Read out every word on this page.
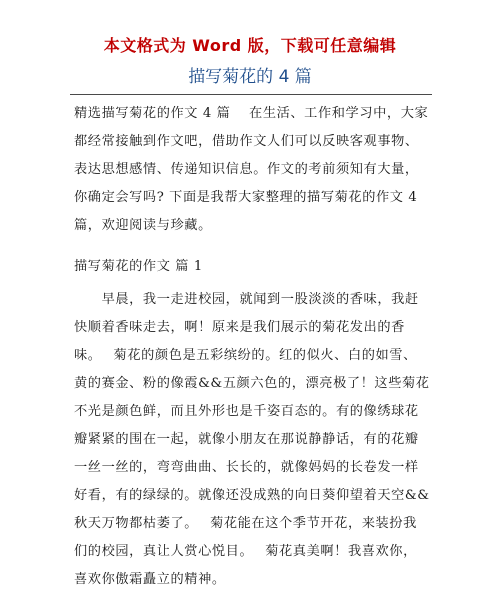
本文格式为 Word 版，下载可任意编辑
描写菊花的 4 篇
精选描写菊花的作文 4 篇　 在生活、工作和学习中，大家
都经常接触到作文吧，借助作文人们可以反映客观事物、
表达思想感情、传递知识信息。作文的考前须知有大量，
你确定会写吗? 下面是我帮大家整理的描写菊花的作文 4
篇，欢迎阅读与珍藏。
描写菊花的作文 篇 1
　　早晨，我一走进校园，就闻到一股淡淡的香味，我赶
快顺着香味走去，啊！原来是我们展示的菊花发出的香
味。　 菊花的颜色是五彩缤纷的。红的似火、白的如雪、
黄的赛金、粉的像霞&&五颜六色的，漂亮极了！这些菊花
不光是颜色鲜，而且外形也是千姿百态的。有的像绣球花
瓣紧紧的围在一起，就像小朋友在那说静静话，有的花瓣
一丝一丝的，弯弯曲曲、长长的，就像妈妈的长卷发一样
好看，有的绿绿的。就像还没成熟的向日葵仰望着天空&&
秋天万物都枯萎了。　 菊花能在这个季节开花，来装扮我
们的校园，真让人赏心悦目。　 菊花真美啊！我喜欢你，
喜欢你傲霜矗立的精神。
